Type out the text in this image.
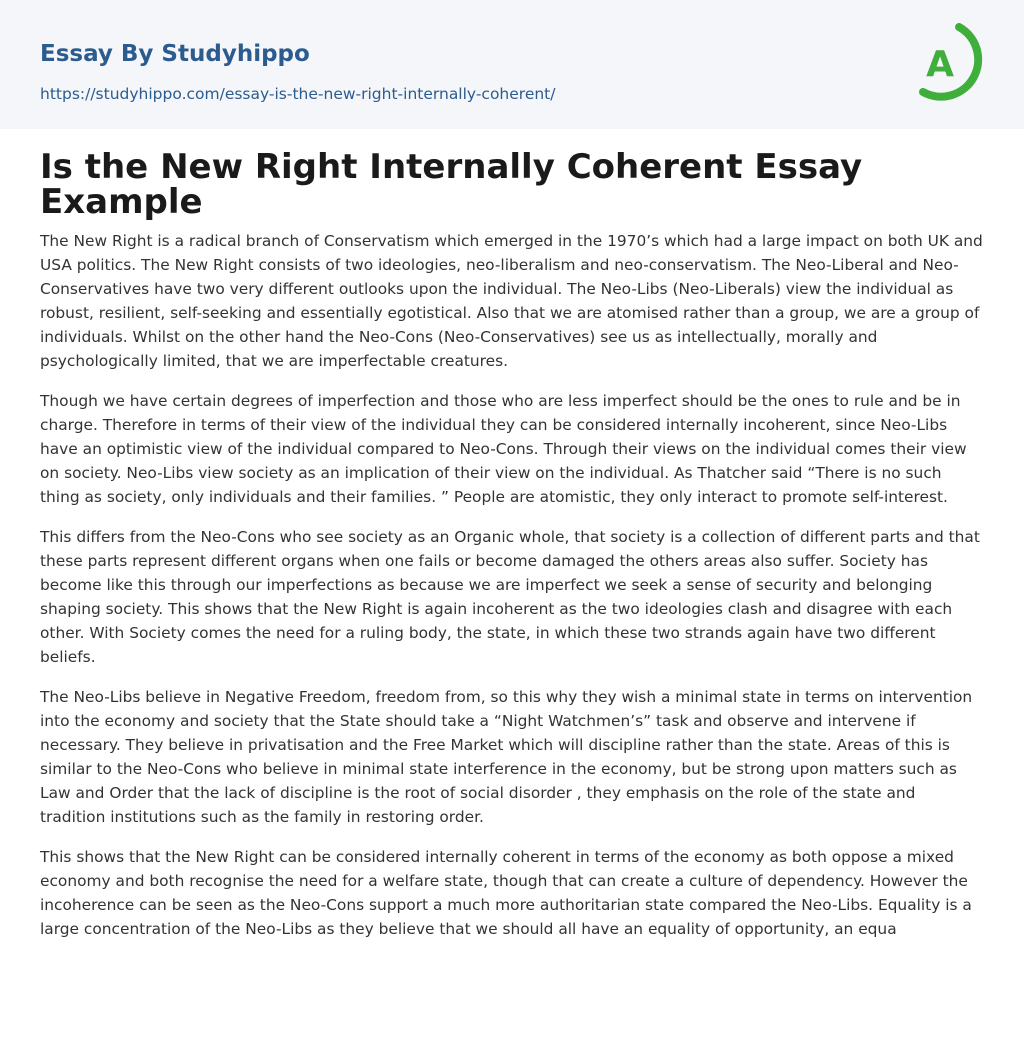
Essay By Studyhippo
https://studyhippo.com/essay-is-the-new-right-internally-coherent/
A
Is the New Right Internally Coherent Essay Example

The New Right is a radical branch of Conservatism which emerged in the 1970’s which had a large impact on both UK and USA politics. The New Right consists of two ideologies, neo-liberalism and neo-conservatism. The Neo-Liberal and Neo-Conservatives have two very different outlooks upon the individual. The Neo-Libs (Neo-Liberals) view the individual as robust, resilient, self-seeking and essentially egotistical. Also that we are atomised rather than a group, we are a group of individuals. Whilst on the other hand the Neo-Cons (Neo-Conservatives) see us as intellectually, morally and psychologically limited, that we are imperfectable creatures.

Though we have certain degrees of imperfection and those who are less imperfect should be the ones to rule and be in charge. Therefore in terms of their view of the individual they can be considered internally incoherent, since Neo-Libs have an optimistic view of the individual compared to Neo-Cons. Through their views on the individual comes their view on society. Neo-Libs view society as an implication of their view on the individual. As Thatcher said “There is no such thing as society, only individuals and their families. ” People are atomistic, they only interact to promote self-interest.

This differs from the Neo-Cons who see society as an Organic whole, that society is a collection of different parts and that these parts represent different organs when one fails or become damaged the others areas also suffer. Society has become like this through our imperfections as because we are imperfect we seek a sense of security and belonging shaping society. This shows that the New Right is again incoherent as the two ideologies clash and disagree with each other. With Society comes the need for a ruling body, the state, in which these two strands again have two different beliefs.

The Neo-Libs believe in Negative Freedom, freedom from, so this why they wish a minimal state in terms on intervention into the economy and society that the State should take a “Night Watchmen’s” task and observe and intervene if necessary. They believe in privatisation and the Free Market which will discipline rather than the state. Areas of this is similar to the Neo-Cons who believe in minimal state interference in the economy, but be strong upon matters such as Law and Order that the lack of discipline is the root of social disorder , they emphasis on the role of the state and tradition institutions such as the family in restoring order.

This shows that the New Right can be considered internally coherent in terms of the economy as both oppose a mixed economy and both recognise the need for a welfare state, though that can create a culture of dependency. However the incoherence can be seen as the Neo-Cons support a much more authoritarian state compared the Neo-Libs. Equality is a large concentration of the Neo-Libs as they believe that we should all have an equality of opportunity, an equa
